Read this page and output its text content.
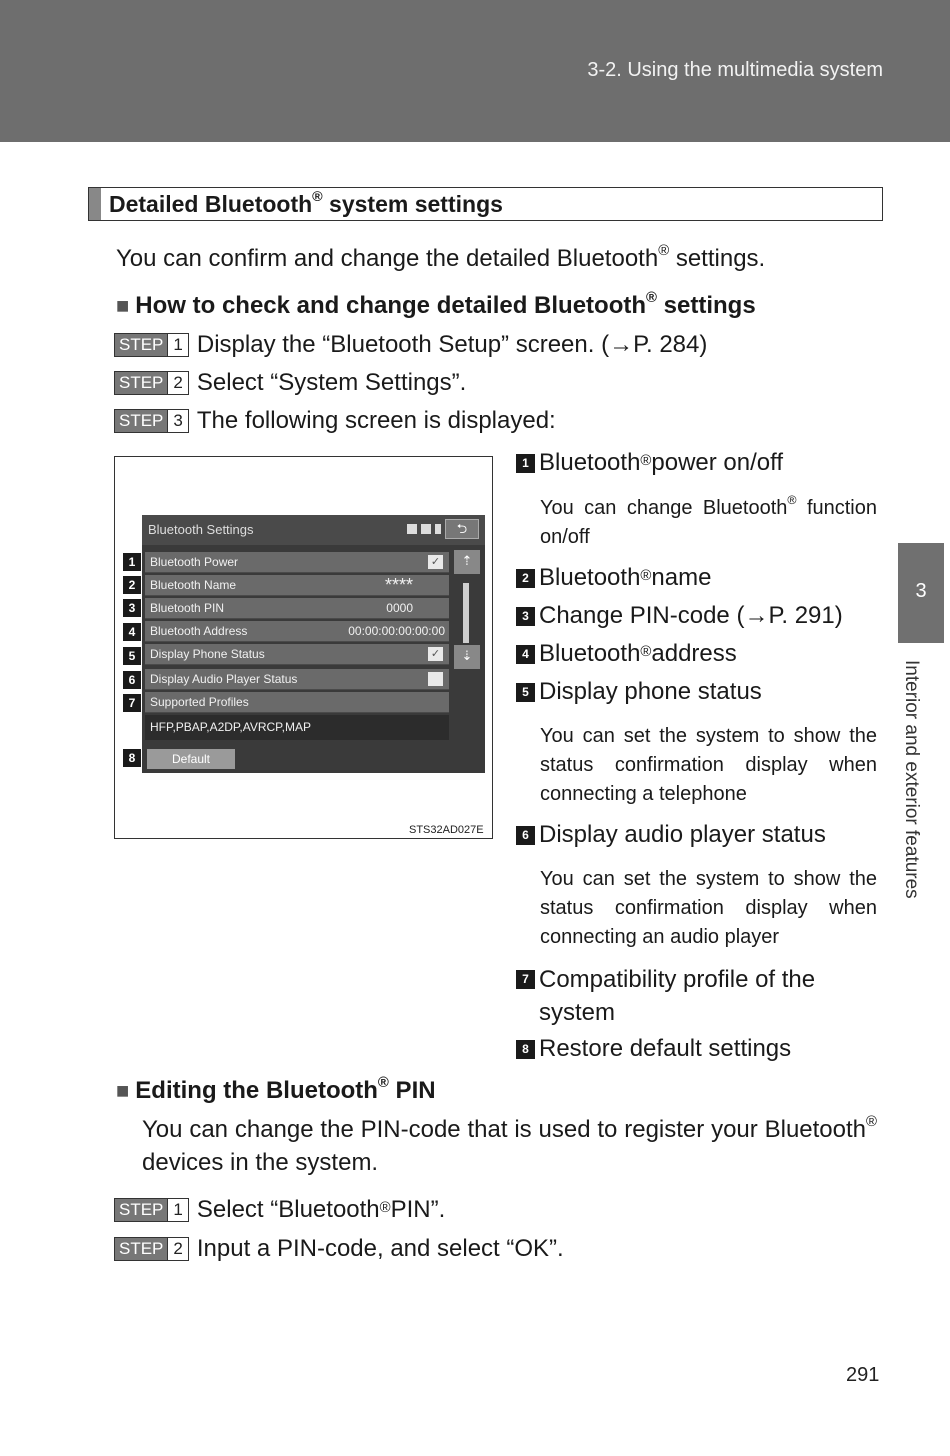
3-2. Using the multimedia system
3
Interior and exterior features
Detailed Bluetooth® system settings
You can confirm and change the detailed Bluetooth® settings.
■ How to check and change detailed Bluetooth® settings
STEP 1 Display the “Bluetooth Setup” screen. (→P. 284)
STEP 2 Select “System Settings”.
STEP 3 The following screen is displayed:
Bluetooth Settings	⮌
Bluetooth Power	✓
Bluetooth Name	****
Bluetooth PIN	0000
Bluetooth Address	00:00:00:00:00:00
Display Phone Status	✓
Display Audio Player Status
Supported Profiles
HFP,PBAP,A2DP,AVRCP,MAP
Default
⇡
⇣
1
2
3
4
5
6
7
8
STS32AD027E
1 Bluetooth® power on/off
You can change Bluetooth® function on/off
2 Bluetooth® name
3 Change PIN-code (→P. 291)
4 Bluetooth® address
5 Display phone status
You can set the system to show the status confirmation display when connecting a telephone
6 Display audio player status
You can set the system to show the status confirmation display when connecting an audio player
7 Compatibility profile of the system
8 Restore default settings
■ Editing the Bluetooth® PIN
You can change the PIN-code that is used to register your Bluetooth® devices in the system.
STEP 1 Select “Bluetooth® PIN”.
STEP 2 Input a PIN-code, and select “OK”.
291
